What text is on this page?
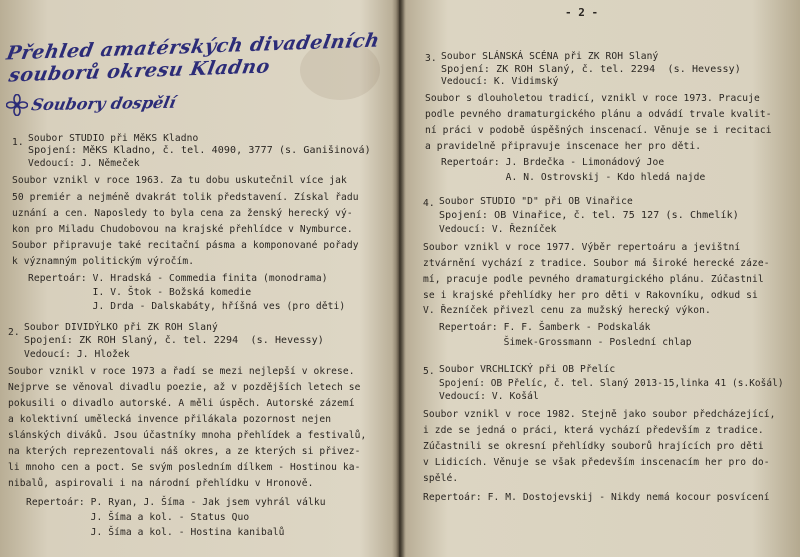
Přehled amatérských divadelních
souborů okresu Kladno
Soubory dospělí
1. Soubor STUDIO při MěKS Kladno
Spojení: MěKS Kladno, č. tel. 4090, 3777 (s. Ganišinová)
Vedoucí: J. Němeček
Soubor vznikl v roce 1963. Za tu dobu uskutečnil více jak
50 premiér a nejméně dvakrát tolik představení. Získal řadu
uznání a cen. Naposledy to byla cena za ženský herecký vý-
kon pro Miladu Chudobovou na krajské přehlídce v Nymburce.
Soubor připravuje také recitační pásma a komponované pořady
k významným politickým výročím.
Repertoár: V. Hradská - Commedia finita (monodrama)
I. V. Štok - Božská komedie
J. Drda - Dalskabáty, hříšná ves (pro děti)
2. Soubor DIVIDÝLKO při ZK ROH Slaný
Spojení: ZK ROH Slaný, č. tel. 2294  (s. Hevessy)
Vedoucí: J. Hložek
Soubor vznikl v roce 1973 a řadí se mezi nejlepší v okrese.
Nejprve se věnoval divadlu poezie, až v pozdějších letech se
pokusili o divadlo autorské. A měli úspěch. Autorské zázemí
a kolektivní umělecká invence přilákala pozornost nejen
slánských diváků. Jsou účastníky mnoha přehlídek a festivalů,
na kterých reprezentovali náš okres, a ze kterých si přivez-
li mnoho cen a poct. Se svým posledním dílkem - Hostinou ka-
nibalů, aspirovali i na národní přehlídku v Hronově.
Repertoár: P. Ryan, J. Šíma - Jak jsem vyhrál válku
J. Šíma a kol. - Status Quo
J. Šíma a kol. - Hostina kanibalů
- 2 -
3. Soubor SLÁNSKÁ SCÉNA při ZK ROH Slaný
Spojení: ZK ROH Slaný, č. tel. 2294  (s. Hevessy)
Vedoucí: K. Vidimský
Soubor s dlouholetou tradicí, vznikl v roce 1973. Pracuje
podle pevného dramaturgického plánu a odvádí trvale kvalit-
ní práci v podobě úspěšných inscenací. Věnuje se i recitaci
a pravidelně připravuje inscenace her pro děti.
Repertoár: J. Brdečka - Limonádový Joe
A. N. Ostrovskij - Kdo hledá najde
4. Soubor STUDIO "D" při OB Vinařice
Spojení: OB Vinařice, č. tel. 75 127 (s. Chmelík)
Vedoucí: V. Řezníček
Soubor vznikl v roce 1977. Výběr repertoáru a jevištní
ztvárnění vychází z tradice. Soubor má široké herecké záze-
mí, pracuje podle pevného dramaturgického plánu. Zúčastnil
se i krajské přehlídky her pro děti v Rakovníku, odkud si
V. Řezníček přivezl cenu za mužský herecký výkon.
Repertoár: F. F. Šamberk - Podskalák
Šimek-Grossmann - Poslední chlap
5. Soubor VRCHLICKÝ při OB Přelíc
Spojení: OB Přelíc, č. tel. Slaný 2013-15,linka 41 (s.Košál)
Vedoucí: V. Košál
Soubor vznikl v roce 1982. Stejně jako soubor předcházející,
i zde se jedná o práci, která vychází především z tradice.
Zúčastnili se okresní přehlídky souborů hrajících pro děti
v Lidicích. Věnuje se však především inscenacím her pro do-
spělé.
Repertoár: F. M. Dostojevskij - Nikdy nemá kocour posvícení
